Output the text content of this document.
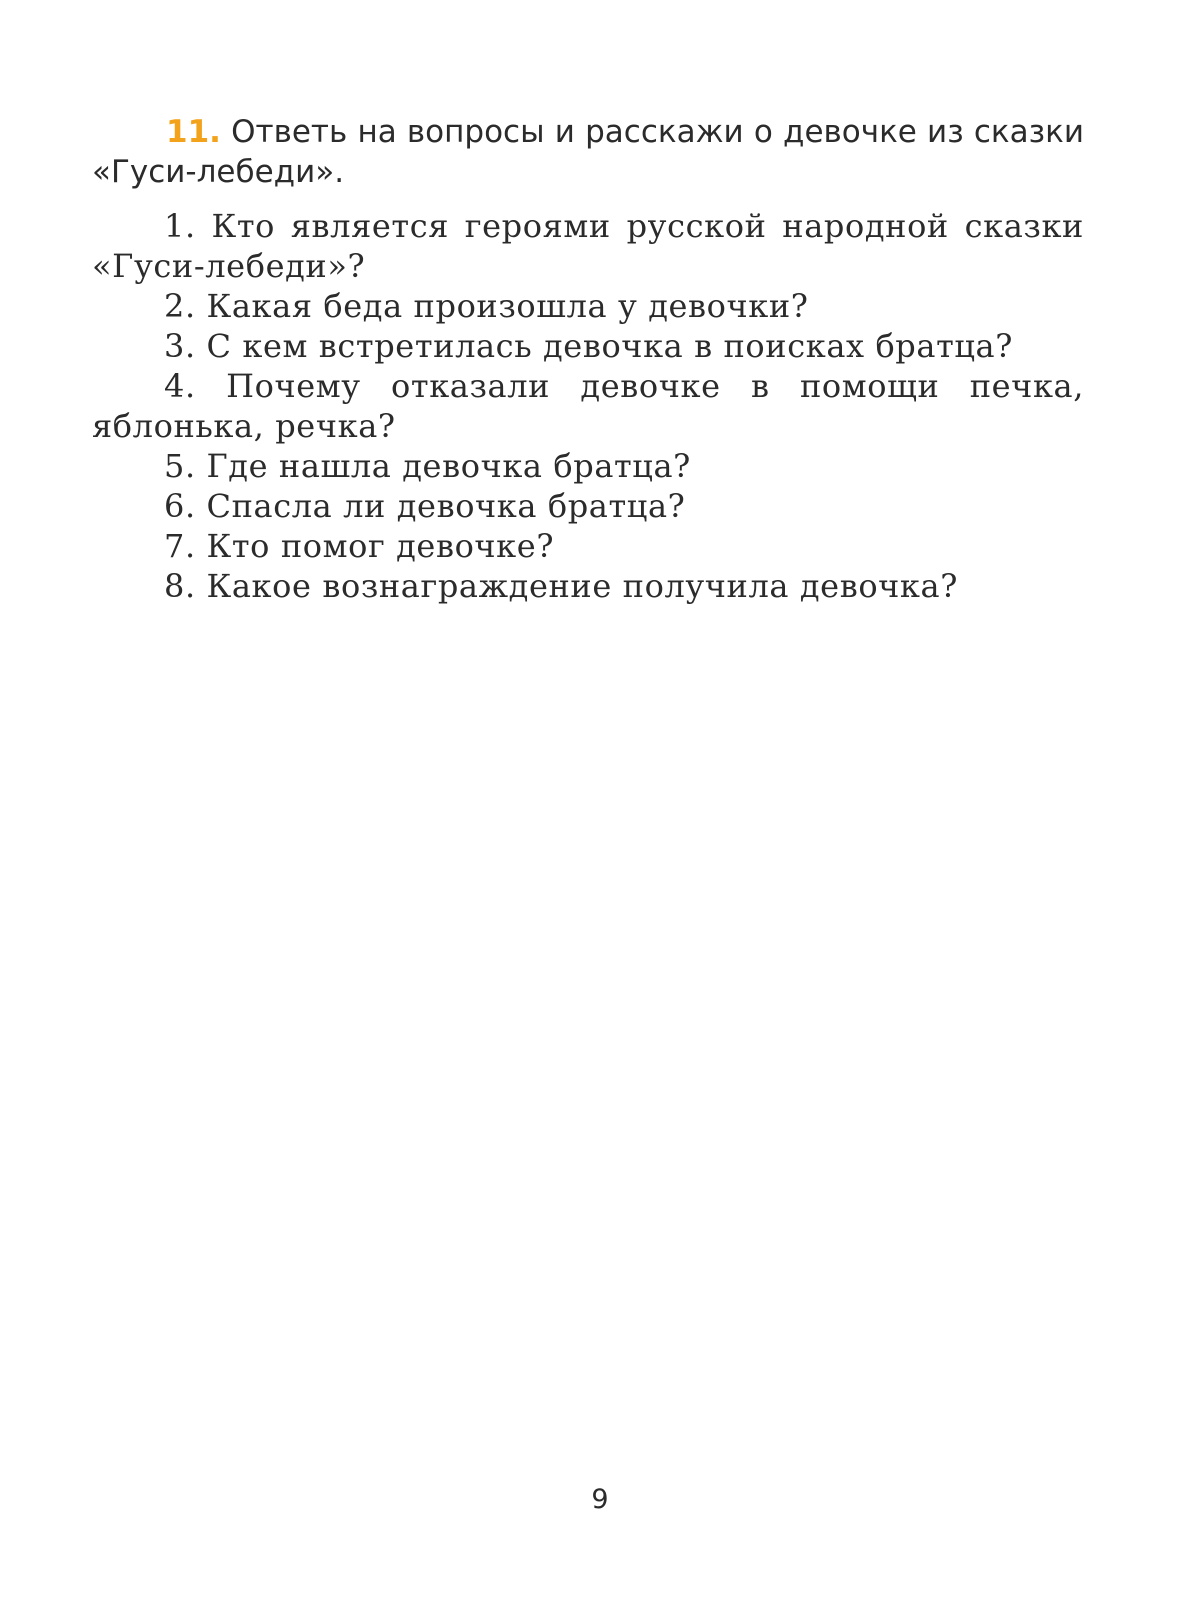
11. Ответь на вопросы и расскажи о девочке из сказки «Гуси-лебеди».

1. Кто является героями русской народной сказки «Гуси-лебеди»?
2. Какая беда произошла у девочки?
3. С кем встретилась девочка в поисках братца?
4. Почему отказали девочке в помощи печка, яблонька, речка?
5. Где нашла девочка братца?
6. Спасла ли девочка братца?
7. Кто помог девочке?
8. Какое вознаграждение получила девочка?
9
